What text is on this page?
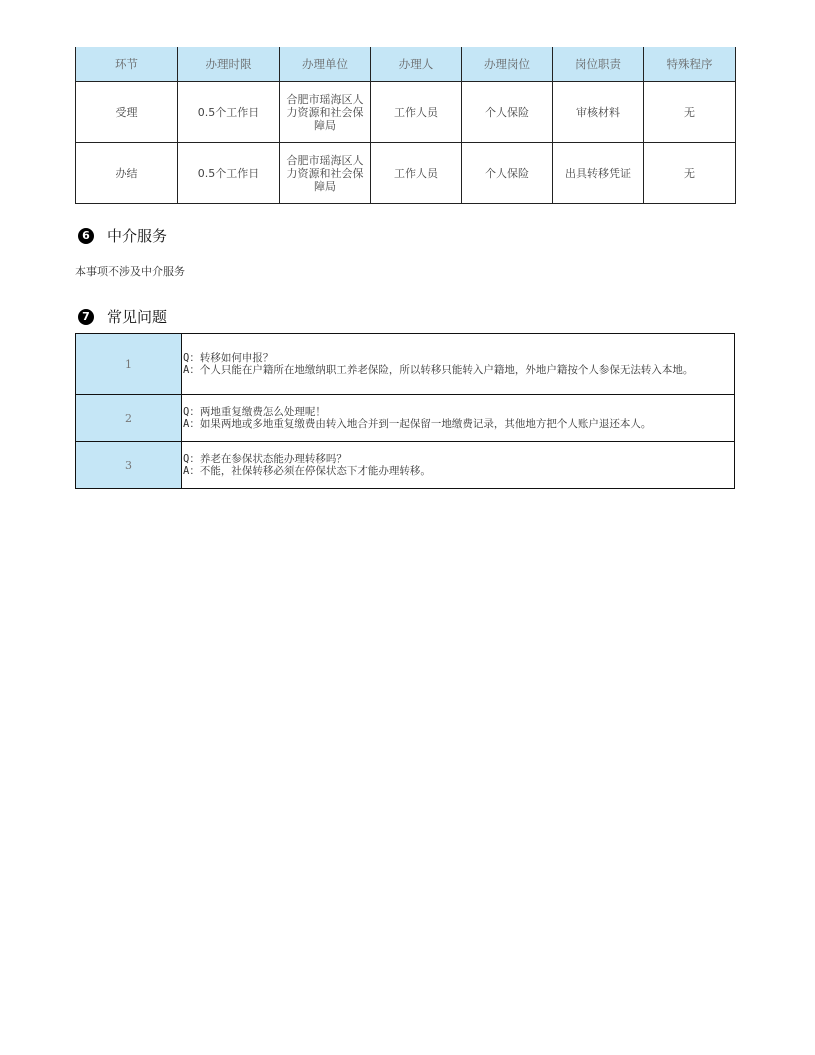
环节	办理时限	办理单位	办理人	办理岗位	岗位职责	特殊程序
受理	0.5个工作日	合肥市瑶海区人力资源和社会保障局	工作人员	个人保险	审核材料	无
办结	0.5个工作日	合肥市瑶海区人力资源和社会保障局	工作人员	个人保险	出具转移凭证	无
6 中介服务
本事项不涉及中介服务
7 常见问题
1	Q：转移如何申报？
A：个人只能在户籍所在地缴纳职工养老保险，所以转移只能转入户籍地，外地户籍按个人参保无法转入本地。

2	Q：两地重复缴费怎么处理呢！
A：如果两地或多地重复缴费由转入地合并到一起保留一地缴费记录，其他地方把个人账户退还本人。

3	Q：养老在参保状态能办理转移吗？
A：不能，社保转移必须在停保状态下才能办理转移。
